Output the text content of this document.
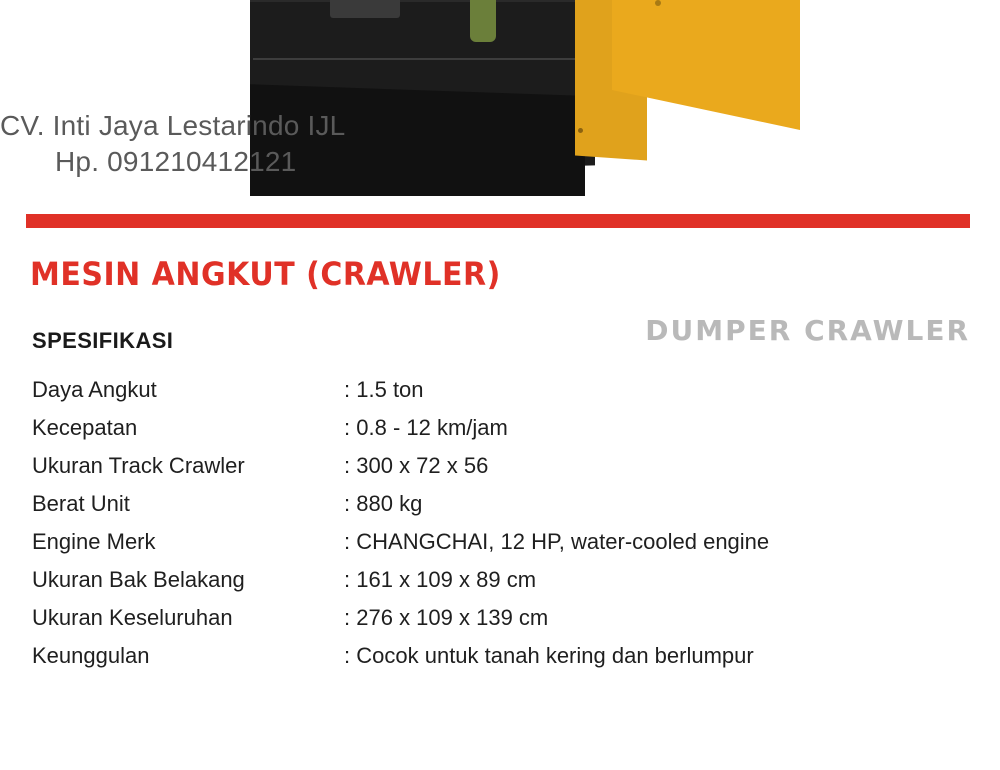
CV. Inti Jaya Lestarindo IJL
Hp. 091210412121
MESIN ANGKUT (CRAWLER)
DUMPER CRAWLER
SPESIFIKASI
Daya Angkut	: 1.5 ton
Kecepatan	: 0.8 - 12 km/jam
Ukuran Track Crawler	: 300 x 72 x 56
Berat Unit	: 880 kg
Engine Merk	: CHANGCHAI, 12 HP, water-cooled engine
Ukuran Bak Belakang	: 161 x 109 x 89 cm
Ukuran Keseluruhan	: 276 x 109 x 139 cm
Keunggulan	: Cocok untuk tanah kering dan berlumpur
